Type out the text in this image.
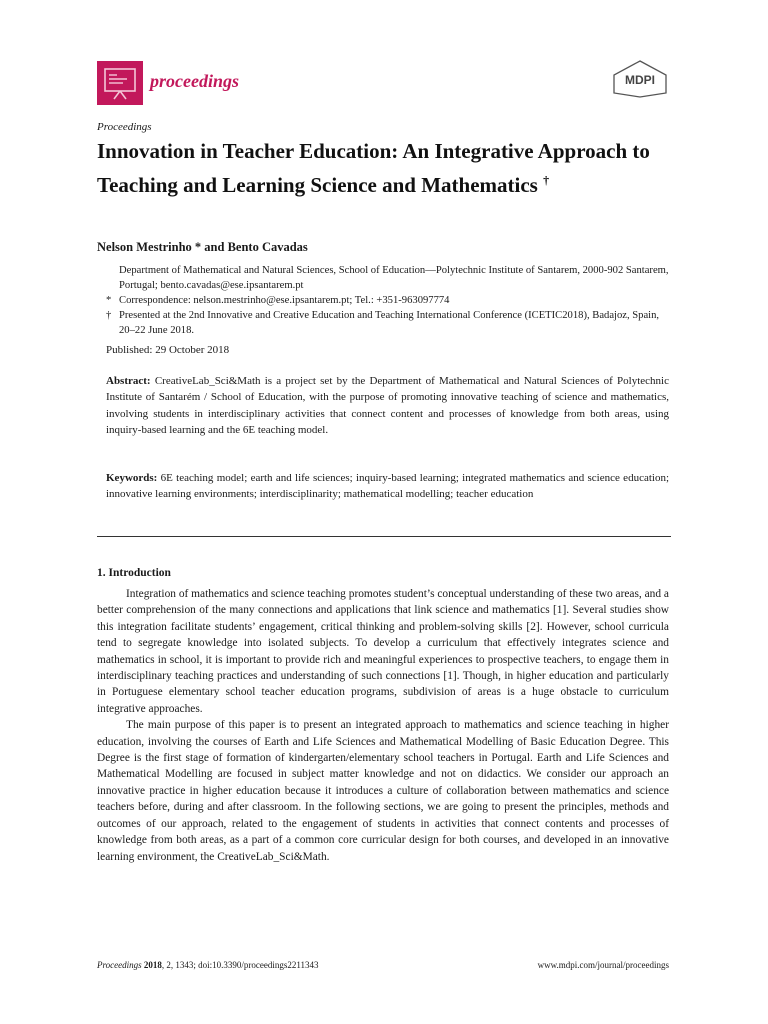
proceedings	MDPI
Proceedings
Innovation in Teacher Education: An Integrative Approach to Teaching and Learning Science and Mathematics †
Nelson Mestrinho * and Bento Cavadas
Department of Mathematical and Natural Sciences, School of Education—Polytechnic Institute of Santarem, 2000-902 Santarem, Portugal; bento.cavadas@ese.ipsantarem.pt
* Correspondence: nelson.mestrinho@ese.ipsantarem.pt; Tel.: +351-963097774
† Presented at the 2nd Innovative and Creative Education and Teaching International Conference (ICETIC2018), Badajoz, Spain, 20–22 June 2018.
Published: 29 October 2018

Abstract: CreativeLab_Sci&Math is a project set by the Department of Mathematical and Natural Sciences of Polytechnic Institute of Santarém / School of Education, with the purpose of promoting innovative teaching of science and mathematics, involving students in interdisciplinary activities that connect content and processes of knowledge from both areas, using inquiry-based learning and the 6E teaching model.

Keywords: 6E teaching model; earth and life sciences; inquiry-based learning; integrated mathematics and science education; innovative learning environments; interdisciplinarity; mathematical modelling; teacher education

1. Introduction

Integration of mathematics and science teaching promotes student’s conceptual understanding of these two areas, and a better comprehension of the many connections and applications that link science and mathematics [1]. Several studies show this integration facilitate students’ engagement, critical thinking and problem-solving skills [2]. However, school curricula tend to segregate knowledge into isolated subjects. To develop a curriculum that effectively integrates science and mathematics in school, it is important to provide rich and meaningful experiences to prospective teachers, to engage them in interdisciplinary teaching practices and understanding of such connections [1]. Though, in higher education and particularly in Portuguese elementary school teacher education programs, subdivision of areas is a huge obstacle to curriculum integrative approaches.

The main purpose of this paper is to present an integrated approach to mathematics and science teaching in higher education, involving the courses of Earth and Life Sciences and Mathematical Modelling of Basic Education Degree. This Degree is the first stage of formation of kindergarten/elementary school teachers in Portugal. Earth and Life Sciences and Mathematical Modelling are focused in subject matter knowledge and not on didactics. We consider our approach an innovative practice in higher education because it introduces a culture of collaboration between mathematics and science teachers before, during and after classroom. In the following sections, we are going to present the principles, methods and outcomes of our approach, related to the engagement of students in activities that connect contents and processes of knowledge from both areas, as a part of a common core curricular design for both courses, and developed in an innovative learning environment, the CreativeLab_Sci&Math.

Proceedings 2018, 2, 1343; doi:10.3390/proceedings2211343	www.mdpi.com/journal/proceedings
